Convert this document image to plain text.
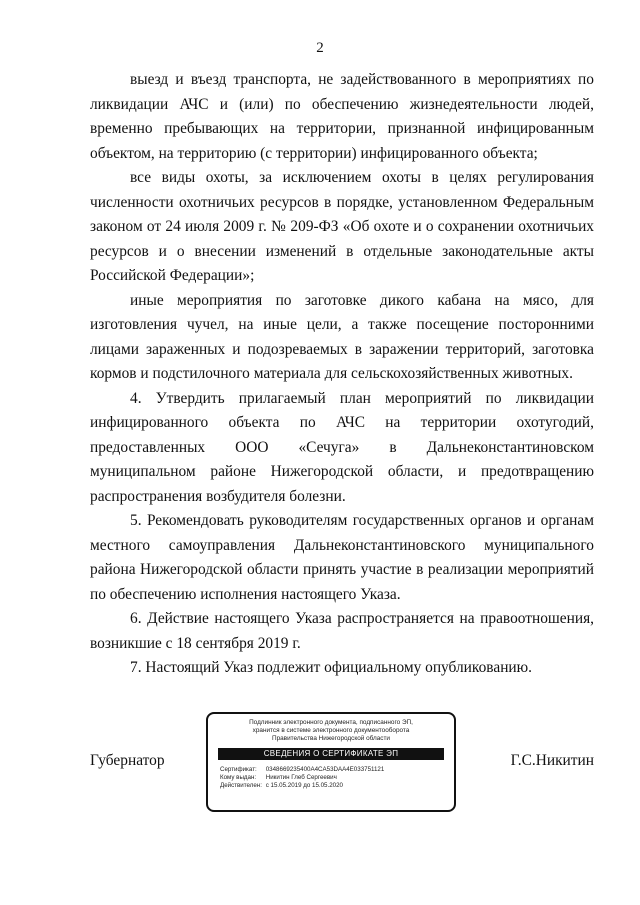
2

выезд и въезд транспорта, не задействованного в мероприятиях по ликвидации АЧС и (или) по обеспечению жизнедеятельности людей, временно пребывающих на территории, признанной инфицированным объектом, на территорию (с территории) инфицированного объекта;

все виды охоты, за исключением охоты в целях регулирования численности охотничьих ресурсов в порядке, установленном Федеральным законом от 24 июля 2009 г. № 209-ФЗ «Об охоте и о сохранении охотничьих ресурсов и о внесении изменений в отдельные законодательные акты Российской Федерации»;

иные мероприятия по заготовке дикого кабана на мясо, для изготовления чучел, на иные цели, а также посещение посторонними лицами зараженных и подозреваемых в заражении территорий, заготовка кормов и подстилочного материала для сельскохозяйственных животных.

4. Утвердить прилагаемый план мероприятий по ликвидации инфицированного объекта по АЧС на территории охотугодий, предоставленных ООО «Сечуга» в Дальнеконстантиновском муниципальном районе Нижегородской области, и предотвращению распространения возбудителя болезни.

5. Рекомендовать руководителям государственных органов и органам местного самоуправления Дальнеконстантиновского муниципального района Нижегородской области принять участие в реализации мероприятий по обеспечению исполнения настоящего Указа.

6. Действие настоящего Указа распространяется на правоотношения, возникшие с 18 сентября 2019 г.

7. Настоящий Указ подлежит официальному опубликованию.

Губернатор	Г.С.Никитин
Подлинник электронного документа, подписанного ЭП,
хранится в системе электронного документооборота
Правительства Нижегородской области
СВЕДЕНИЯ О СЕРТИФИКАТЕ ЭП
Сертификат: 0348669235400A4CA53DAA4E033751121
Кому выдан: Никитин Глеб Сергеевич
Действителен: с 15.05.2019 до 15.05.2020
